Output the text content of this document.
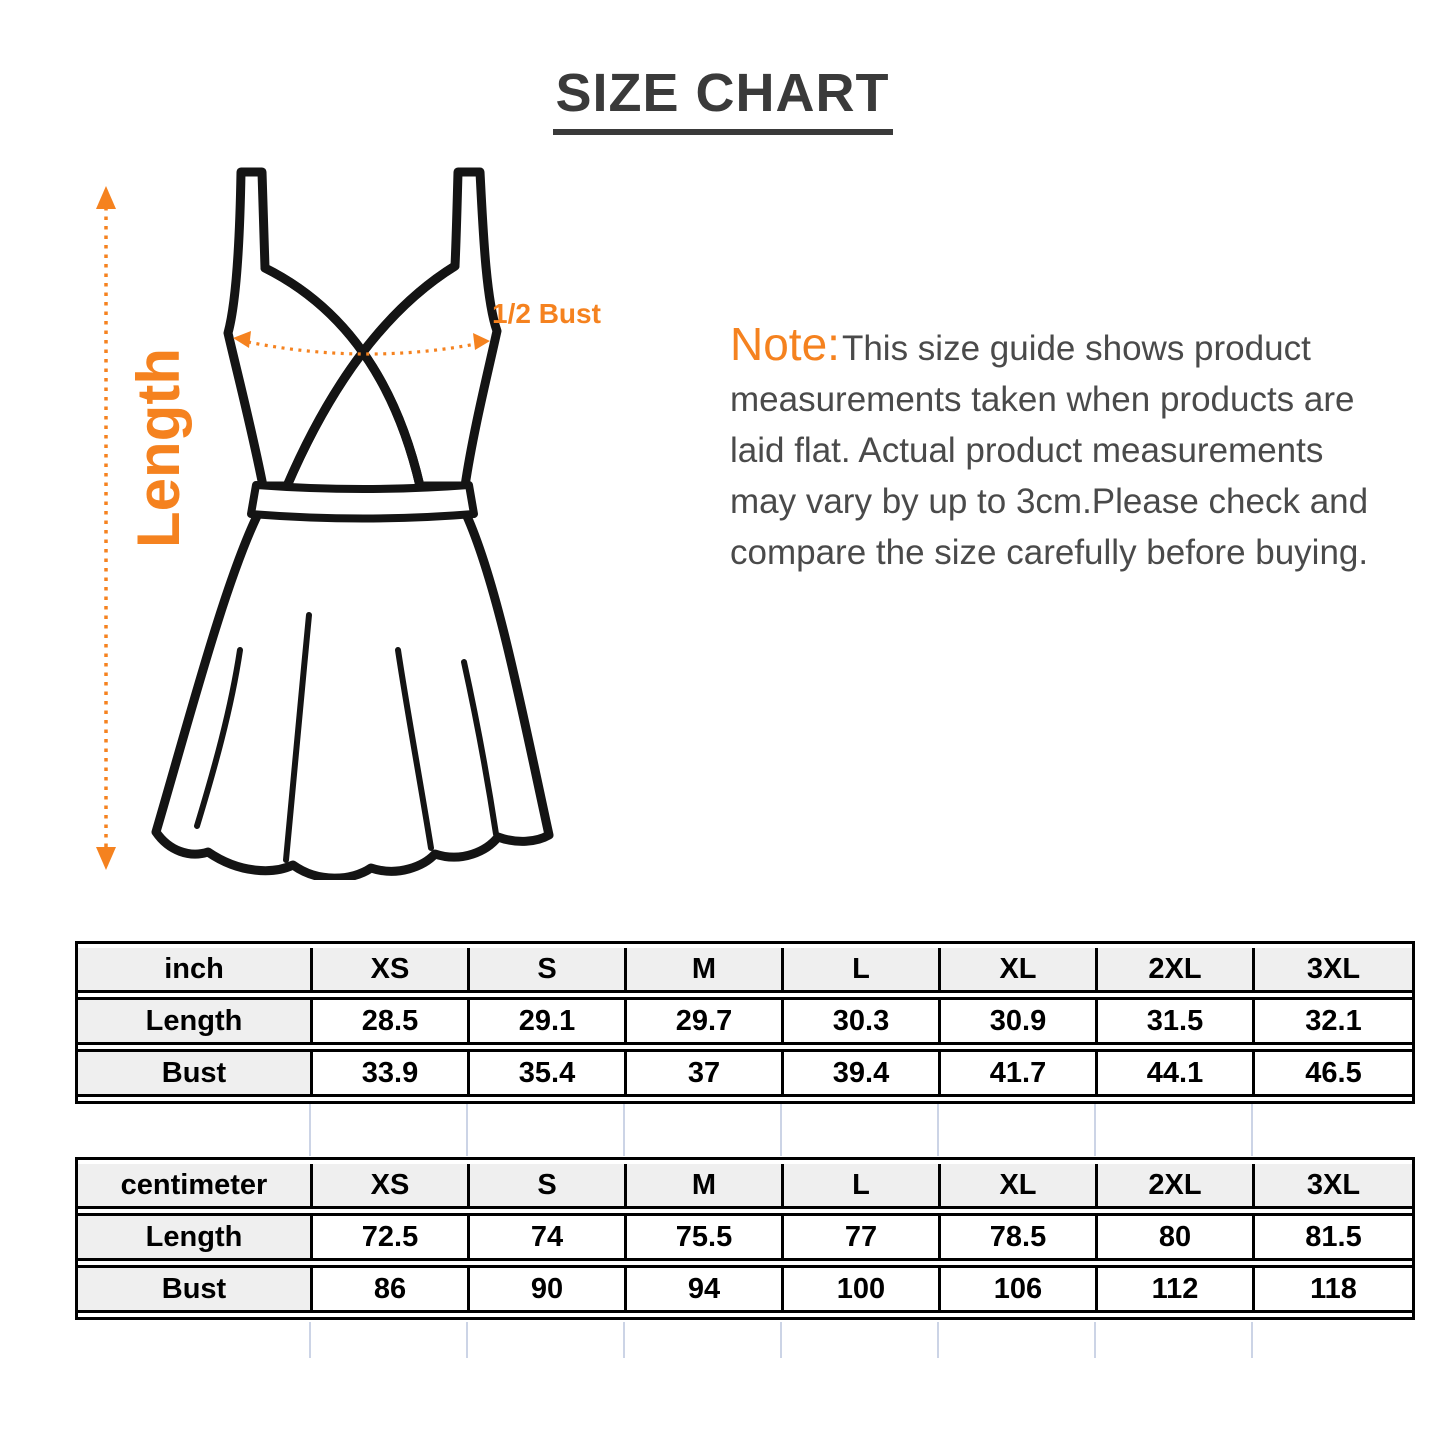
SIZE CHART
Length
1/2 Bust
Note:This size guide shows product
measurements taken when products are
laid flat. Actual product measurements
may vary by up to 3cm.Please check and
compare the size carefully before buying.
inch	XS	S	M	L	XL	2XL	3XL
Length	28.5	29.1	29.7	30.3	30.9	31.5	32.1
Bust	33.9	35.4	37	39.4	41.7	44.1	46.5
centimeter	XS	S	M	L	XL	2XL	3XL
Length	72.5	74	75.5	77	78.5	80	81.5
Bust	86	90	94	100	106	112	118
